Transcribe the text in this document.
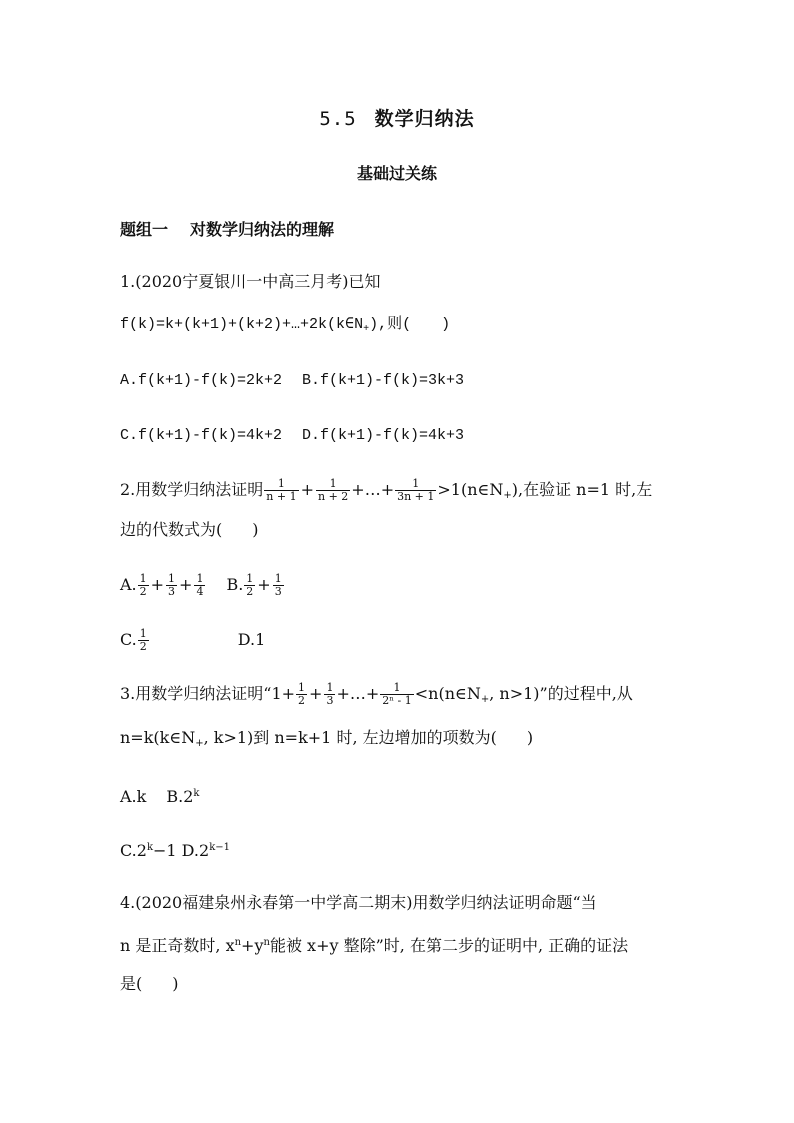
5.5 数学归纳法
基础过关练
题组一 对数学归纳法的理解
1.(2020宁夏银川一中高三月考)已知
$f(k)=k+(k+1)+(k+2)+\dots+2k(k\in N_+)$,则( )
A.f(k+1)-f(k)=2k+2 B.f(k+1)-f(k)=3k+3
C.f(k+1)-f(k)=4k+2 D.f(k+1)-f(k)=4k+3
2.用数学归纳法证明 $\frac{1}{n + 1} + \frac{1}{n + 2}$ +…+ $\frac{1}{3n + 1}$ $>1(n\in N_+)$,在验证 n=1 时,左
边的代数式为( )
A. $\frac{1}{2} + \frac{1}{3} + \frac{1}{4} B$. $\frac{1}{2} + \frac{1}{3}$
C. $\frac{1}{2}$	D.1
3.用数学归纳法证明“$1+ \frac{1}{2} + \frac{1}{3}$ +…+ $\frac{1}{\text{2ⁿ - 1}}$ $<n(n\in N_+$, n>1)”的过程中,从
$n=k(k\in N_+$, k>1)到 n=k+1 时, 左边增加的项数为( )
A.k B.2$^k$
$C.2^k-1$ $D.2^{k-1}$
4.(2020福建泉州永春第一中学高二期末)用数学归纳法证明命题“当
n 是正奇数时, $x^n+y^n$能被 x+y 整除”时, 在第二步的证明中, 正确的证法
是( )
